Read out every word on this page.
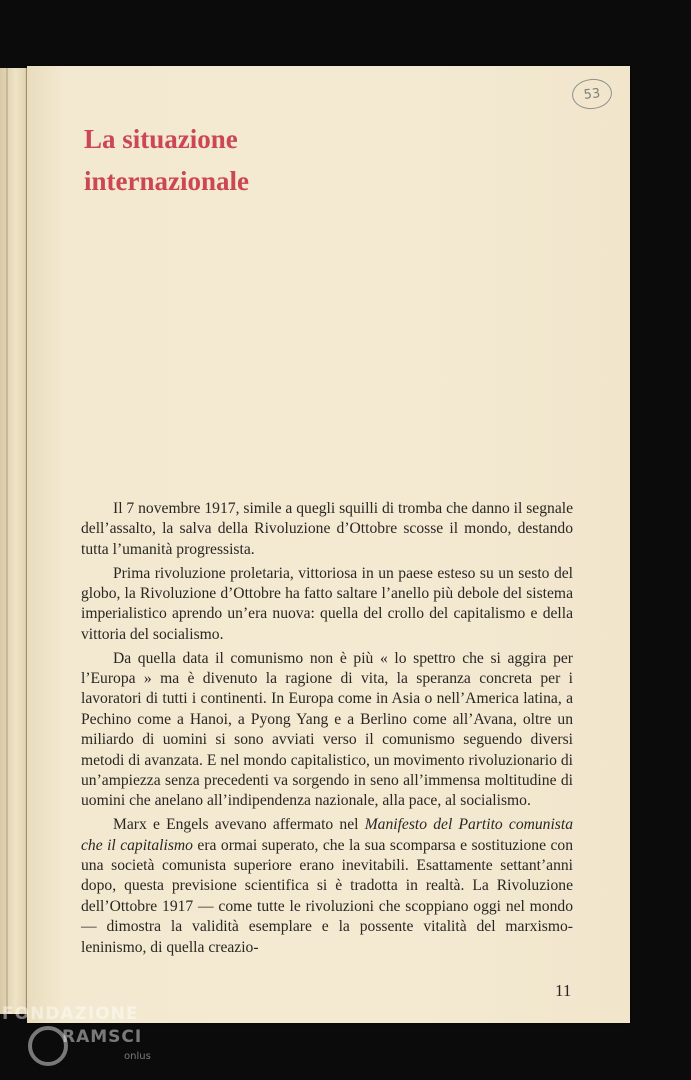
53
La situazione
internazionale

Il 7 novembre 1917, simile a quegli squilli di tromba che danno il segnale dell’assalto, la salva della Rivoluzione d’Ottobre scosse il mondo, destando tutta l’umanità progressista.

Prima rivoluzione proletaria, vittoriosa in un paese esteso su un sesto del globo, la Rivoluzione d’Ottobre ha fatto saltare l’anello più debole del sistema imperialistico aprendo un’era nuova: quella del crollo del capitalismo e della vittoria del socialismo.

Da quella data il comunismo non è più « lo spettro che si aggira per l’Europa » ma è divenuto la ragione di vita, la speranza concreta per i lavoratori di tutti i continenti. In Europa come in Asia o nell’America latina, a Pechino come a Hanoi, a Pyong Yang e a Berlino come all’Avana, oltre un miliardo di uomini si sono avviati verso il comunismo seguendo diversi metodi di avanzata. E nel mondo capitalistico, un movimento rivoluzionario di un’ampiezza senza precedenti va sorgendo in seno all’immensa moltitudine di uomini che anelano all’indipendenza nazionale, alla pace, al socialismo.

Marx e Engels avevano affermato nel Manifesto del Partito comunista che il capitalismo era ormai superato, che la sua scomparsa e sostituzione con una società comunista superiore erano inevitabili. Esattamente settant’anni dopo, questa previsione scientifica si è tradotta in realtà. La Rivoluzione dell’Ottobre 1917 — come tutte le rivoluzioni che scoppiano oggi nel mondo — dimostra la validità esemplare e la possente vitalità del marxismo-leninismo, di quella creazio-

11
FONDAZIONE
RAMSCI
onlus
